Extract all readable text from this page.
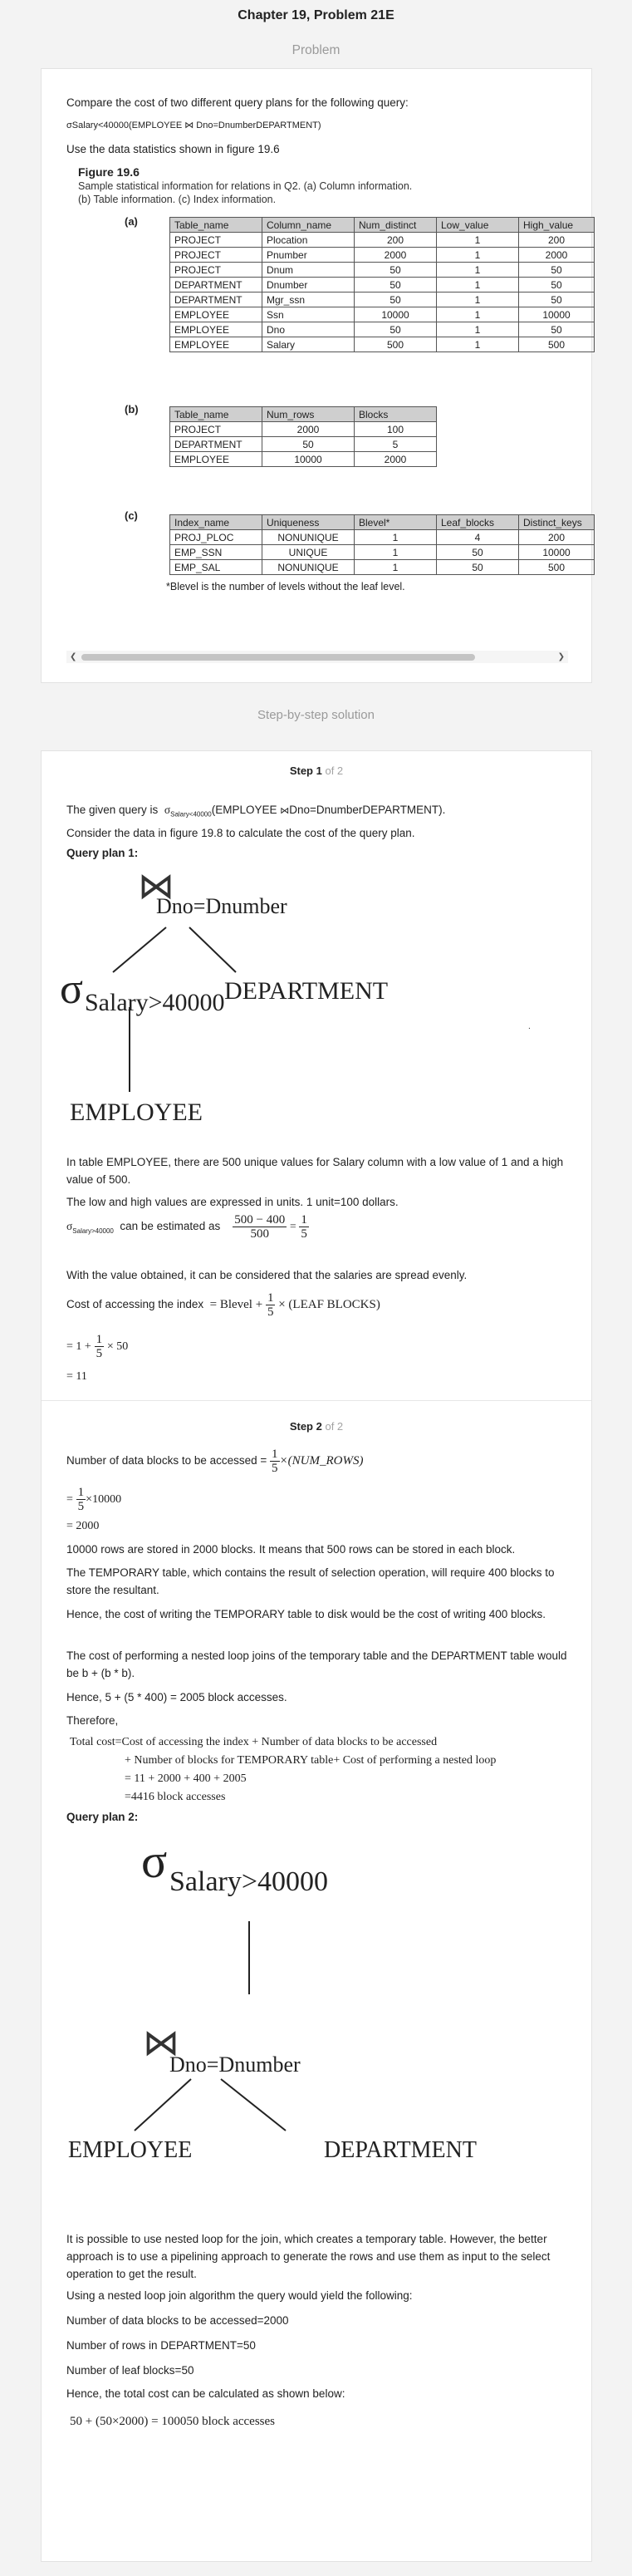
Chapter 19, Problem 21E
Problem
Compare the cost of two different query plans for the following query:
σSalary<40000(EMPLOYEE ⋈ Dno=DnumberDEPARTMENT)
Use the data statistics shown in figure 19.6
Figure 19.6
Sample statistical information for relations in Q2. (a) Column information.
(b) Table information. (c) Index information.
(a)	Table_name	Column_name	Num_distinct	Low_value	High_value
PROJECT	Plocation	200	1	200
PROJECT	Pnumber	2000	1	2000
PROJECT	Dnum	50	1	50
DEPARTMENT	Dnumber	50	1	50
DEPARTMENT	Mgr_ssn	50	1	50
EMPLOYEE	Ssn	10000	1	10000
EMPLOYEE	Dno	50	1	50
EMPLOYEE	Salary	500	1	500
(b)	Table_name	Num_rows	Blocks
PROJECT	2000	100
DEPARTMENT	50	5
EMPLOYEE	10000	2000
(c)
Index_name	Uniqueness	Blevel*	Leaf_blocks	Distinct_keys
PROJ_PLOC	NONUNIQUE	1	4	200
EMP_SSN	UNIQUE	1	50	10000
EMP_SAL	NONUNIQUE	1	50	500
*Blevel is the number of levels without the leaf level.
❮	❯
Step-by-step solution
Step 1 of 2
The given query is $\sigma_{Salary<40000}(EMPLOYEE$ ⋈Dno=DnumberDEPARTMENT).
Consider the data in figure 19.8 to calculate the cost of the query plan.
Query plan 1:
⋈
Dno=Dnumber
σ Salary>40000 DEPARTMENT
.
EMPLOYEE
In table EMPLOYEE, there are 500 unique values for Salary column with a low value of 1 and a high value of 500.
The low and high values are expressed in units. 1 unit=100 dollars.
$\sigma_{Salary>40000}$ can be estimated as $\frac{500 - 400}{500} = \frac{1}{5}$
With the value obtained, it can be considered that the salaries are spread evenly.
Cost of accessing the index = Blevel + $\frac{1}{5}$ × (LEAF BLOCKS)
= $1 + \frac{1}{5} \times 50$
= 11
Step 2 of 2
Number of data blocks to be accessed = $\frac{1}{5}$ ×(NUM_ROWS)
= $\frac{1}{5} \times 10000$
= 2000
10000 rows are stored in 2000 blocks. It means that 500 rows can be stored in each block.
The TEMPORARY table, which contains the result of selection operation, will require 400 blocks to store the resultant.
Hence, the cost of writing the TEMPORARY table to disk would be the cost of writing 400 blocks.
The cost of performing a nested loop joins of the temporary table and the DEPARTMENT table would be b + (b * b).
Hence, 5 + (5 * 400) = 2005 block accesses.
Therefore,
Total cost=Cost of accessing the index + Number of data blocks to be accessed
+ Number of blocks for TEMPORARY table+ Cost of performing a nested loop
= 11 + 2000 + 400 + 2005
=4416 block accesses
Query plan 2:
σ Salary>40000
⋈
Dno=Dnumber
EMPLOYEE	DEPARTMENT
It is possible to use nested loop for the join, which creates a temporary table. However, the better approach is to use a pipelining approach to generate the rows and use them as input to the select operation to get the result.
Using a nested loop join algorithm the query would yield the following:
Number of data blocks to be accessed=2000
Number of rows in DEPARTMENT=50
Number of leaf blocks=50
Hence, the total cost can be calculated as shown below:
50 + (50×2000) = 100050 block accesses
